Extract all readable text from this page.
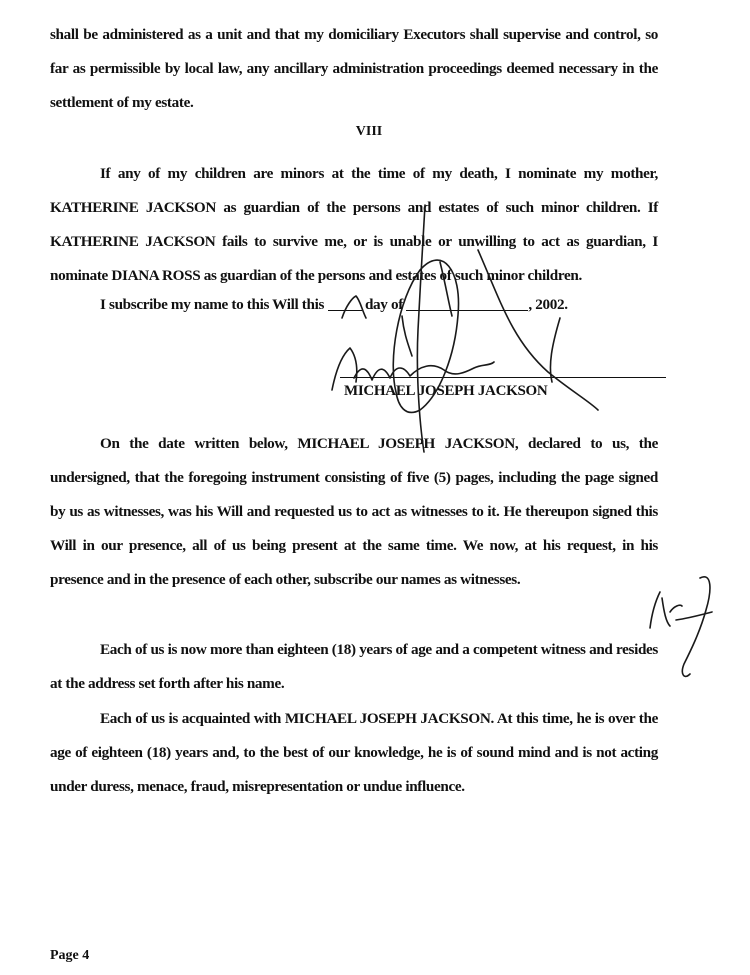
shall be administered as a unit and that my domiciliary Executors shall supervise and control, so far as permissible by local law, any ancillary administration proceedings deemed necessary in the settlement of my estate.

VIII

If any of my children are minors at the time of my death, I nominate my mother, KATHERINE JACKSON as guardian of the persons and estates of such minor children. If KATHERINE JACKSON fails to survive me, or is unable or unwilling to act as guardian, I nominate DIANA ROSS as guardian of the persons and estates of such minor children.

I subscribe my name to this Will this	day of	, 2002.
MICHAEL JOSEPH JACKSON

On the date written below, MICHAEL JOSEPH JACKSON, declared to us, the undersigned, that the foregoing instrument consisting of five (5) pages, including the page signed by us as witnesses, was his Will and requested us to act as witnesses to it. He thereupon signed this Will in our presence, all of us being present at the same time. We now, at his request, in his presence and in the presence of each other, subscribe our names as witnesses.

Each of us is now more than eighteen (18) years of age and a competent witness and resides at the address set forth after his name.

Each of us is acquainted with MICHAEL JOSEPH JACKSON. At this time, he is over the age of eighteen (18) years and, to the best of our knowledge, he is of sound mind and is not acting under duress, menace, fraud, misrepresentation or undue influence.

Page 4
